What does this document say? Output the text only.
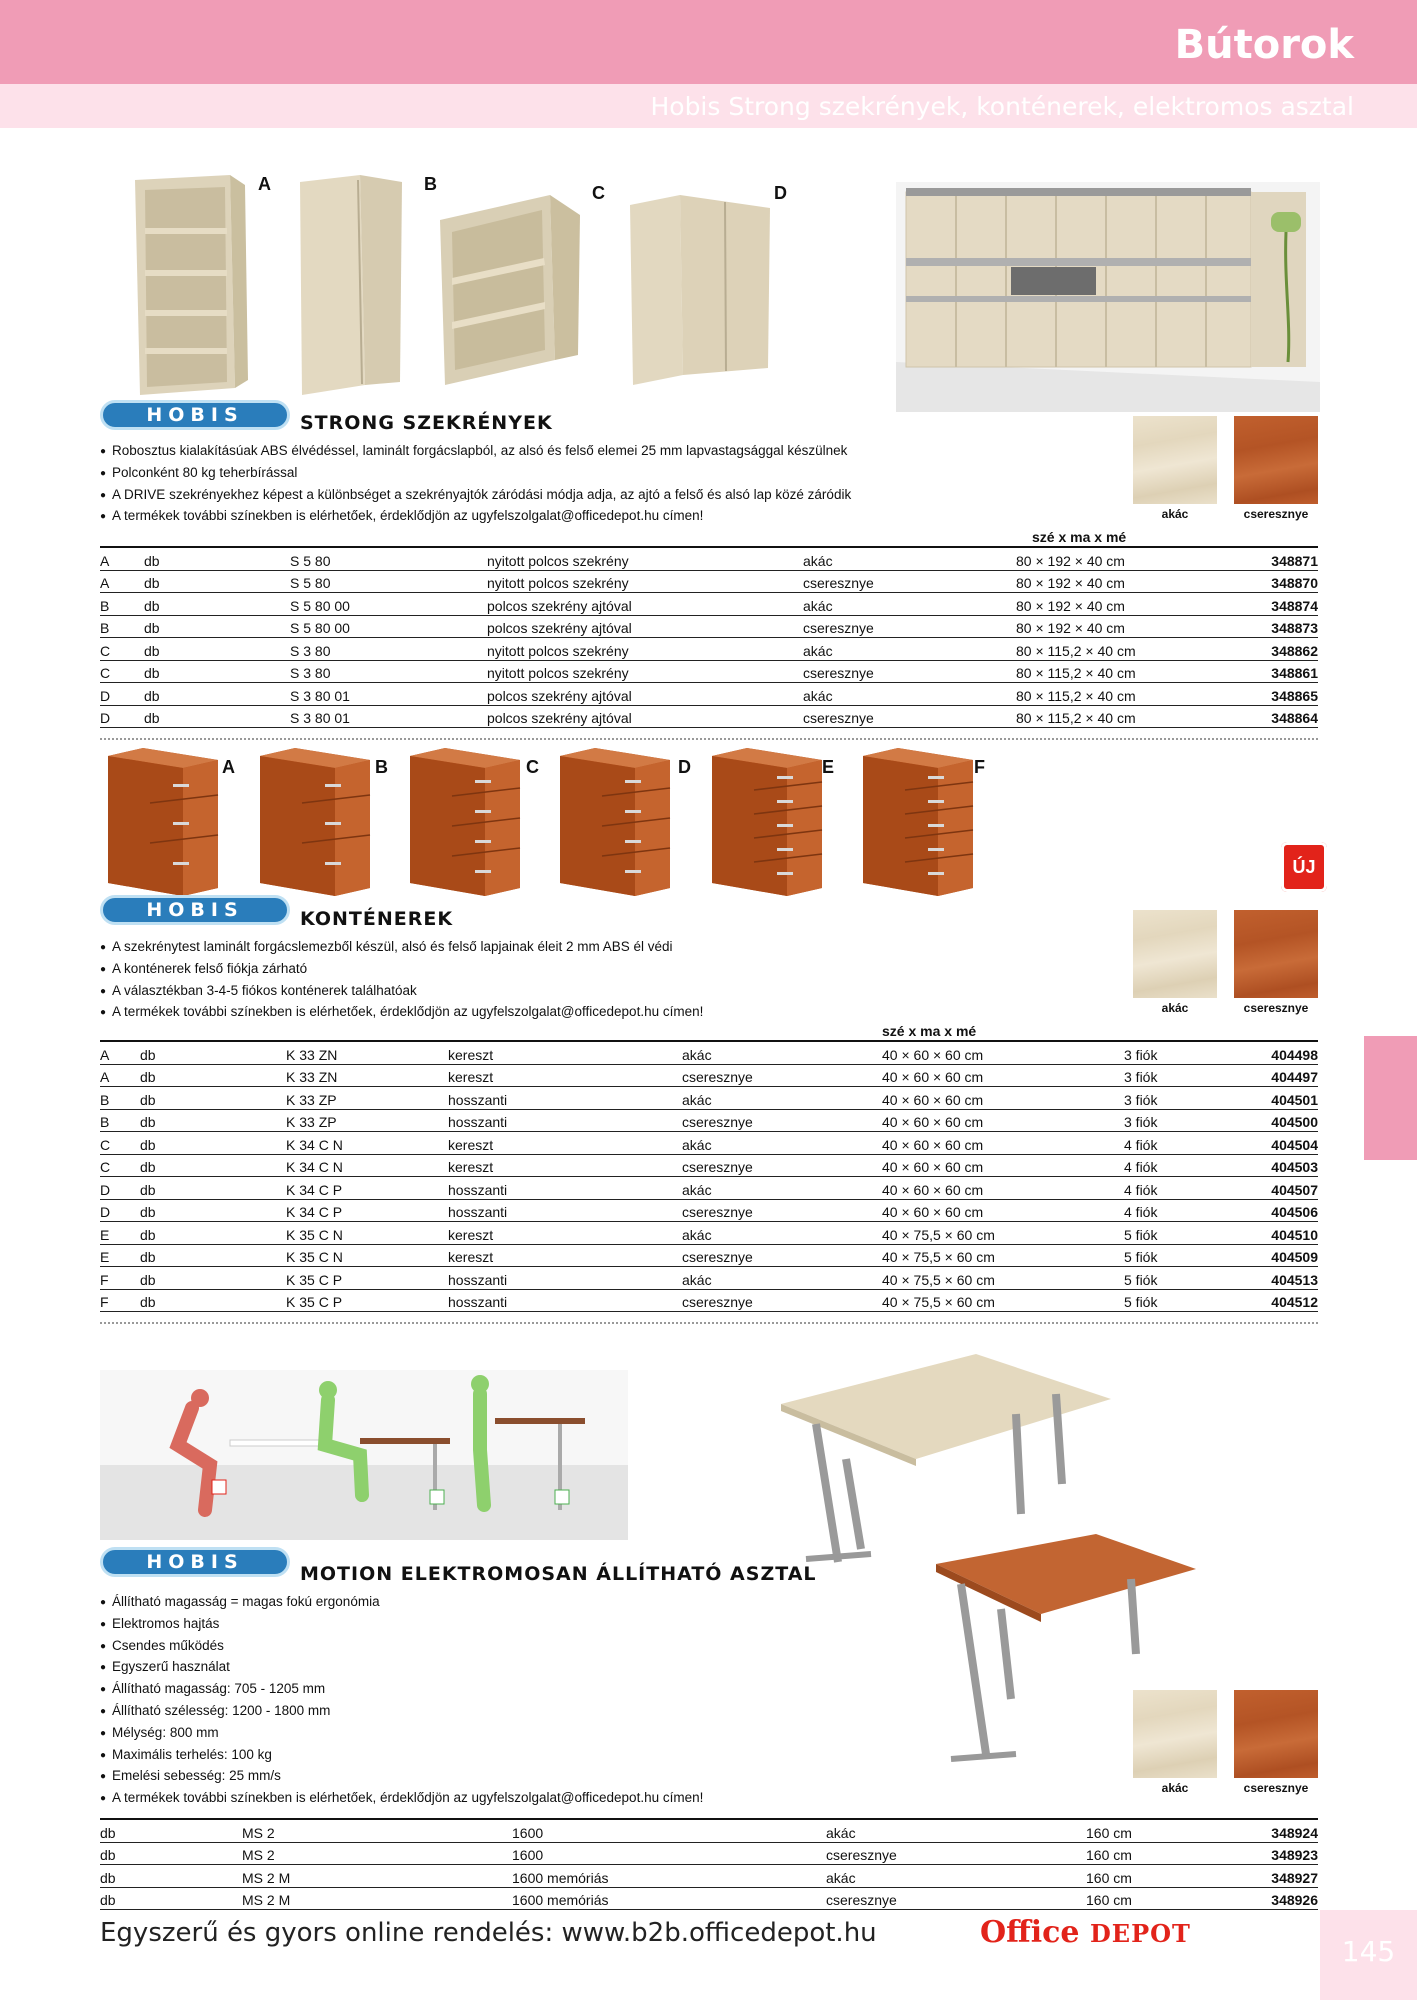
Bútorok
Hobis Strong szekrények, konténerek, elektromos asztal
A	B	C	D
HOBIS	STRONG SZEKRÉNYEK
● Robosztus kialakításúak ABS élvédéssel, laminált forgácslapból, az alsó és felső elemei 25 mm lapvastagsággal készülnek
● Polconként 80 kg teherbírással
● A DRIVE szekrényekhez képest a különbséget a szekrényajtók záródási módja adja, az ajtó a felső és alsó lap közé záródik
● A termékek további színekben is elérhetőek, érdeklődjön az ugyfelszolgalat@officedepot.hu címen!	akác	cseresznye
					szé x ma x mé	
A	db	S 5 80	nyitott polcos szekrény	akác	80 × 192 × 40 cm	348871
A	db	S 5 80	nyitott polcos szekrény	cseresznye	80 × 192 × 40 cm	348870
B	db	S 5 80 00	polcos szekrény ajtóval	akác	80 × 192 × 40 cm	348874
B	db	S 5 80 00	polcos szekrény ajtóval	cseresznye	80 × 192 × 40 cm	348873
C	db	S 3 80	nyitott polcos szekrény	akác	80 × 115,2 × 40 cm	348862
C	db	S 3 80	nyitott polcos szekrény	cseresznye	80 × 115,2 × 40 cm	348861
D	db	S 3 80 01	polcos szekrény ajtóval	akác	80 × 115,2 × 40 cm	348865
D	db	S 3 80 01	polcos szekrény ajtóval	cseresznye	80 × 115,2 × 40 cm	348864
A	B	C	D	E	F
ÚJ
HOBIS	KONTÉNEREK
● A szekrénytest laminált forgácslemezből készül, alsó és felső lapjainak éleit 2 mm ABS él védi
● A konténerek felső fiókja zárható
● A választékban 3-4-5 fiókos konténerek találhatóak
● A termékek további színekben is elérhetőek, érdeklődjön az ugyfelszolgalat@officedepot.hu címen!	akác	cseresznye
					szé x ma x mé		
A	db	K 33 ZN	kereszt	akác	40 × 60 × 60 cm	3 fiók	404498
A	db	K 33 ZN	kereszt	cseresznye	40 × 60 × 60 cm	3 fiók	404497
B	db	K 33 ZP	hosszanti	akác	40 × 60 × 60 cm	3 fiók	404501
B	db	K 33 ZP	hosszanti	cseresznye	40 × 60 × 60 cm	3 fiók	404500
C	db	K 34 C N	kereszt	akác	40 × 60 × 60 cm	4 fiók	404504
C	db	K 34 C N	kereszt	cseresznye	40 × 60 × 60 cm	4 fiók	404503
D	db	K 34 C P	hosszanti	akác	40 × 60 × 60 cm	4 fiók	404507
D	db	K 34 C P	hosszanti	cseresznye	40 × 60 × 60 cm	4 fiók	404506
E	db	K 35 C N	kereszt	akác	40 × 75,5 × 60 cm	5 fiók	404510
E	db	K 35 C N	kereszt	cseresznye	40 × 75,5 × 60 cm	5 fiók	404509
F	db	K 35 C P	hosszanti	akác	40 × 75,5 × 60 cm	5 fiók	404513
F	db	K 35 C P	hosszanti	cseresznye	40 × 75,5 × 60 cm	5 fiók	404512
HOBIS
MOTION ELEKTROMOSAN ÁLLÍTHATÓ ASZTAL
● Állítható magasság = magas fokú ergonómia
● Elektromos hajtás
● Csendes működés
● Egyszerű használat
● Állítható magasság: 705 - 1205 mm
● Állítható szélesség: 1200 - 1800 mm
● Mélység: 800 mm
● Maximális terhelés: 100 kg
● Emelési sebesség: 25 mm/s
● A termékek további színekben is elérhetőek, érdeklődjön az ugyfelszolgalat@officedepot.hu címen!
akác	cseresznye

db	MS 2	1600	akác	160 cm	348924
db	MS 2	1600	cseresznye	160 cm	348923
db	MS 2 M	1600 memóriás	akác	160 cm	348927
db	MS 2 M	1600 memóriás	cseresznye	160 cm	348926
Egyszerű és gyors online rendelés: www.b2b.officedepot.hu	Office DEPOT
145
